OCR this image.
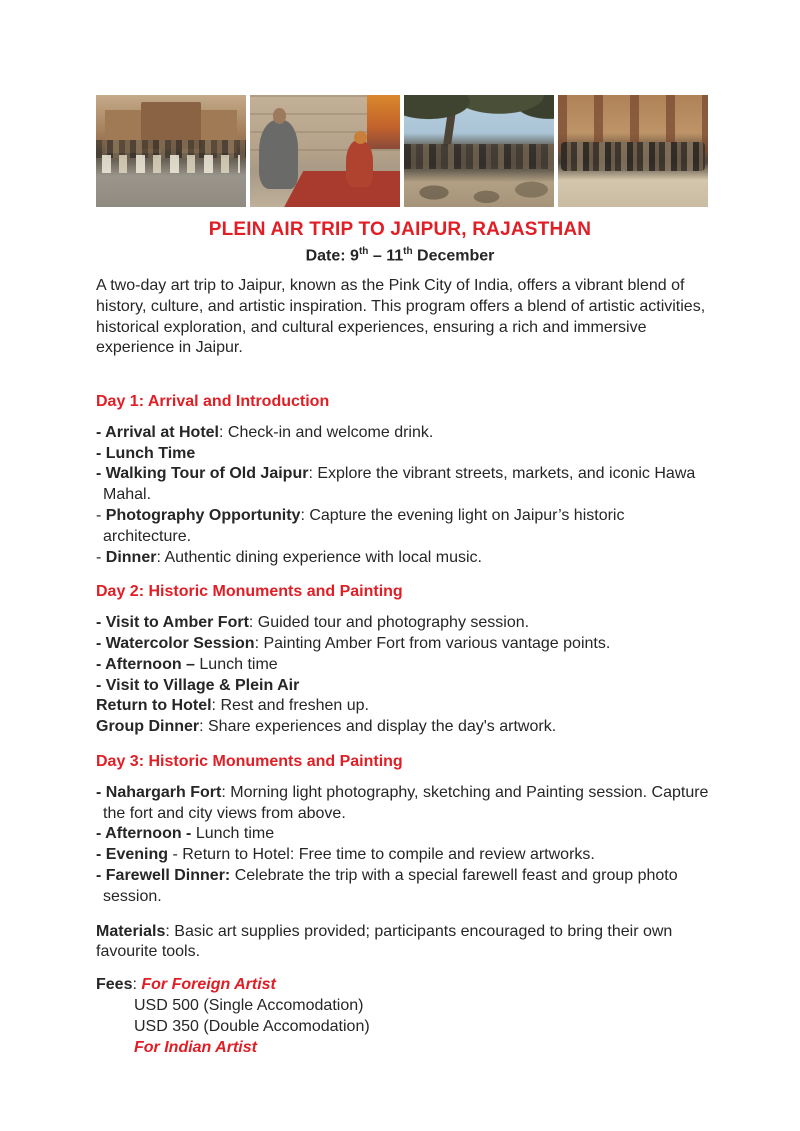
PLEIN AIR TRIP TO JAIPUR, RAJASTHAN
Date: 9th – 11th December

A two-day art trip to Jaipur, known as the Pink City of India, offers a vibrant blend of history, culture, and artistic inspiration. This program offers a blend of artistic activities, historical exploration, and cultural experiences, ensuring a rich and immersive experience in Jaipur.

Day 1: Arrival and Introduction
- Arrival at Hotel: Check-in and welcome drink.
- Lunch Time
- Walking Tour of Old Jaipur: Explore the vibrant streets, markets, and iconic Hawa Mahal.
- Photography Opportunity: Capture the evening light on Jaipur’s historic architecture.
- Dinner: Authentic dining experience with local music.
Day 2: Historic Monuments and Painting
- Visit to Amber Fort: Guided tour and photography session.
- Watercolor Session: Painting Amber Fort from various vantage points.
- Afternoon – Lunch time
- Visit to Village & Plein Air
Return to Hotel: Rest and freshen up.
Group Dinner: Share experiences and display the day's artwork.
Day 3: Historic Monuments and Painting
- Nahargarh Fort: Morning light photography, sketching and Painting session. Capture the fort and city views from above.
- Afternoon - Lunch time
- Evening - Return to Hotel: Free time to compile and review artworks.
- Farewell Dinner: Celebrate the trip with a special farewell feast and group photo session.

Materials: Basic art supplies provided; participants encouraged to bring their own favourite tools.

Fees: For Foreign Artist
USD 500 (Single Accomodation)
USD 350 (Double Accomodation)
For Indian Artist
